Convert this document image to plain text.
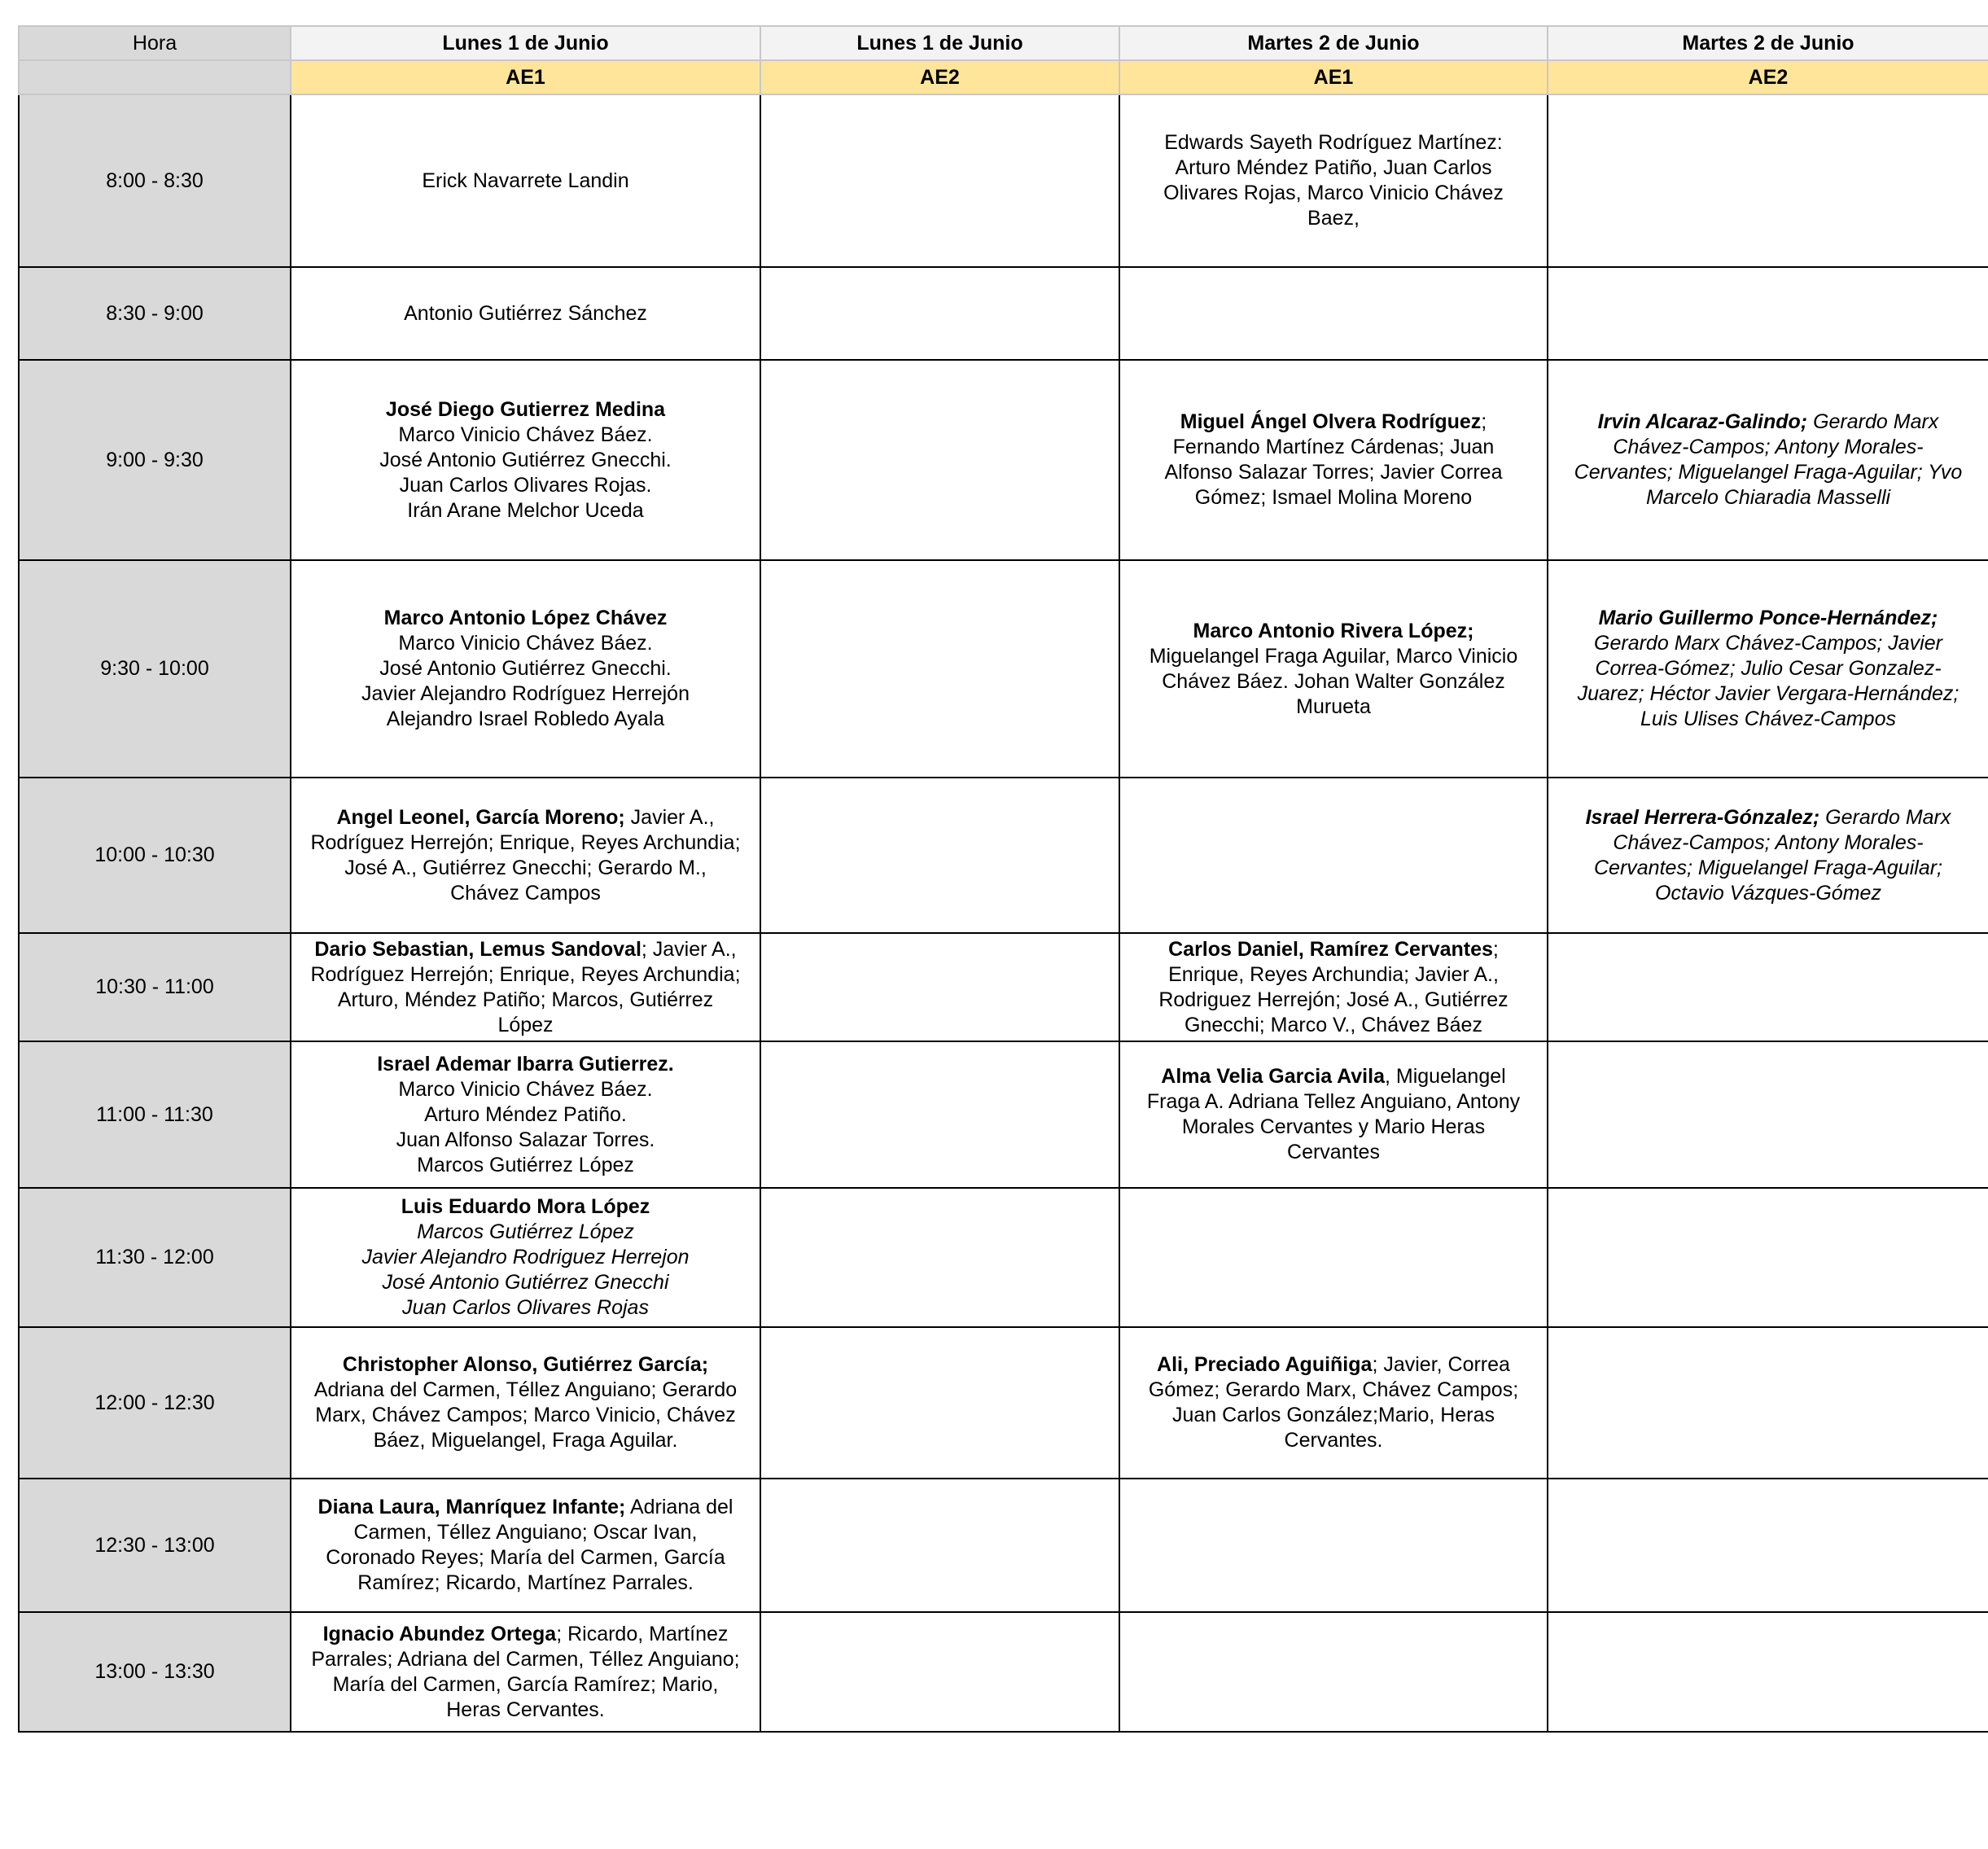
Hora	Lunes 1 de Junio	Lunes 1 de Junio	Martes 2 de Junio	Martes 2 de Junio
	AE1	AE2	AE1	AE2
8:00 - 8:30	Erick Navarrete Landin		Edwards Sayeth Rodríguez Martínez:
Arturo Méndez Patiño, Juan Carlos
Olivares Rojas, Marco Vinicio Chávez
Baez,	

8:30 - 9:00	Antonio Gutiérrez Sánchez			

9:00 - 9:30	José Diego Gutierrez Medina
Marco Vinicio Chávez Báez.
José Antonio Gutiérrez Gnecchi.
Juan Carlos Olivares Rojas.
Irán Arane Melchor Uceda		Miguel Ángel Olvera Rodríguez;
Fernando Martínez Cárdenas; Juan
Alfonso Salazar Torres; Javier Correa
Gómez; Ismael Molina Moreno	Irvin Alcaraz-Galindo; Gerardo Marx
Chávez-Campos; Antony Morales-
Cervantes; Miguelangel Fraga-Aguilar; Yvo
Marcelo Chiaradia Masselli

9:30 - 10:00	Marco Antonio López Chávez
Marco Vinicio Chávez Báez.
José Antonio Gutiérrez Gnecchi.
Javier Alejandro Rodríguez Herrejón
Alejandro Israel Robledo Ayala		Marco Antonio Rivera López;
Miguelangel Fraga Aguilar, Marco Vinicio
Chávez Báez. Johan Walter González
Murueta	Mario Guillermo Ponce-Hernández;
Gerardo Marx Chávez-Campos; Javier
Correa-Gómez; Julio Cesar Gonzalez-
Juarez; Héctor Javier Vergara-Hernández;
Luis Ulises Chávez-Campos

10:00 - 10:30	Angel Leonel, García Moreno; Javier A.,
Rodríguez Herrejón; Enrique, Reyes Archundia;
José A., Gutiérrez Gnecchi; Gerardo M.,
Chávez Campos			Israel Herrera-Gónzalez; Gerardo Marx
Chávez-Campos; Antony Morales-
Cervantes; Miguelangel Fraga-Aguilar;
Octavio Vázques-Gómez

10:30 - 11:00	Dario Sebastian, Lemus Sandoval; Javier A.,
Rodríguez Herrejón; Enrique, Reyes Archundia;
Arturo, Méndez Patiño; Marcos, Gutiérrez
López		Carlos Daniel, Ramírez Cervantes;
Enrique, Reyes Archundia; Javier A.,
Rodriguez Herrejón; José A., Gutiérrez
Gnecchi; Marco V., Chávez Báez	

11:00 - 11:30	Israel Ademar Ibarra Gutierrez.
Marco Vinicio Chávez Báez.
Arturo Méndez Patiño.
Juan Alfonso Salazar Torres.
Marcos Gutiérrez López		Alma Velia Garcia Avila, Miguelangel
Fraga A. Adriana Tellez Anguiano, Antony
Morales Cervantes y Mario Heras
Cervantes	

11:30 - 12:00	Luis Eduardo Mora López
Marcos Gutiérrez López
Javier Alejandro Rodriguez Herrejon
José Antonio Gutiérrez Gnecchi
Juan Carlos Olivares Rojas			

12:00 - 12:30	Christopher Alonso, Gutiérrez García;
Adriana del Carmen, Téllez Anguiano; Gerardo
Marx, Chávez Campos; Marco Vinicio, Chávez
Báez, Miguelangel, Fraga Aguilar.		Ali, Preciado Aguiñiga; Javier, Correa
Gómez; Gerardo Marx, Chávez Campos;
Juan Carlos González;Mario, Heras
Cervantes.	

12:30 - 13:00	Diana Laura, Manríquez Infante; Adriana del
Carmen, Téllez Anguiano; Oscar Ivan,
Coronado Reyes; María del Carmen, García
Ramírez; Ricardo, Martínez Parrales.			

13:00 - 13:30	Ignacio Abundez Ortega; Ricardo, Martínez
Parrales; Adriana del Carmen, Téllez Anguiano;
María del Carmen, García Ramírez; Mario,
Heras Cervantes.			
